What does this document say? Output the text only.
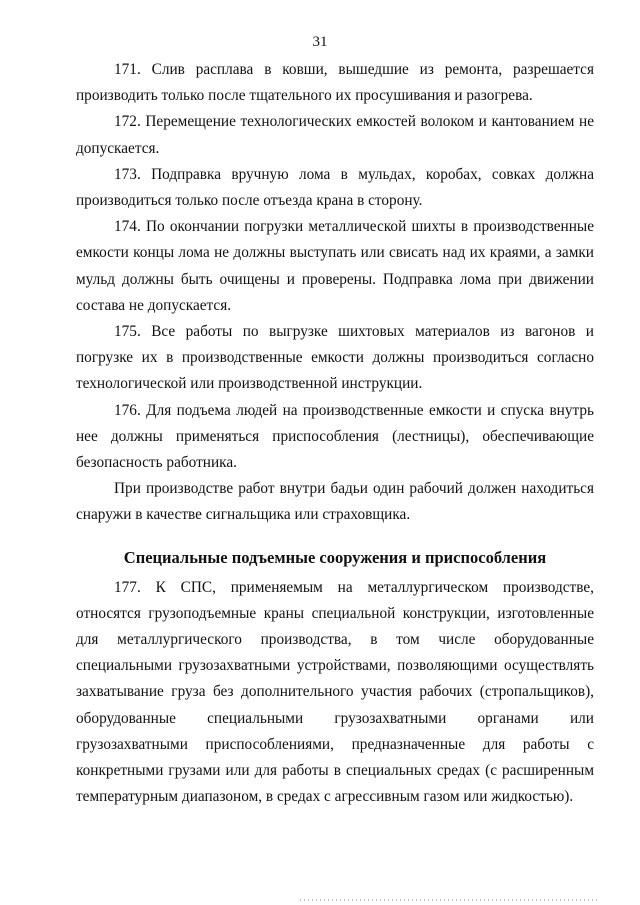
31

171. Слив расплава в ковши, вышедшие из ремонта, разрешается производить только после тщательного их просушивания и разогрева.

172. Перемещение технологических емкостей волоком и кантованием не допускается.

173. Подправка вручную лома в мульдах, коробах, совках должна производиться только после отъезда крана в сторону.

174. По окончании погрузки металлической шихты в производственные емкости концы лома не должны выступать или свисать над их краями, а замки мульд должны быть очищены и проверены. Подправка лома при движении состава не допускается.

175. Все работы по выгрузке шихтовых материалов из вагонов и погрузке их в производственные емкости должны производиться согласно технологической или производственной инструкции.

176. Для подъема людей на производственные емкости и спуска внутрь нее должны применяться приспособления (лестницы), обеспечивающие безопасность работника.

При производстве работ внутри бадьи один рабочий должен находиться снаружи в качестве сигнальщика или страховщика.

Специальные подъемные сооружения и приспособления

177. К СПС, применяемым на металлургическом производстве, относятся грузоподъемные краны специальной конструкции, изготовленные для металлургического производства, в том числе оборудованные специальными грузозахватными устройствами, позволяющими осуществлять захватывание груза без дополнительного участия рабочих (стропальщиков), оборудованные специальными грузозахватными органами или грузозахватными приспособлениями, предназначенные для работы с конкретными грузами или для работы в специальных средах (с расширенным температурным диапазоном, в средах с агрессивным газом или жидкостью).
